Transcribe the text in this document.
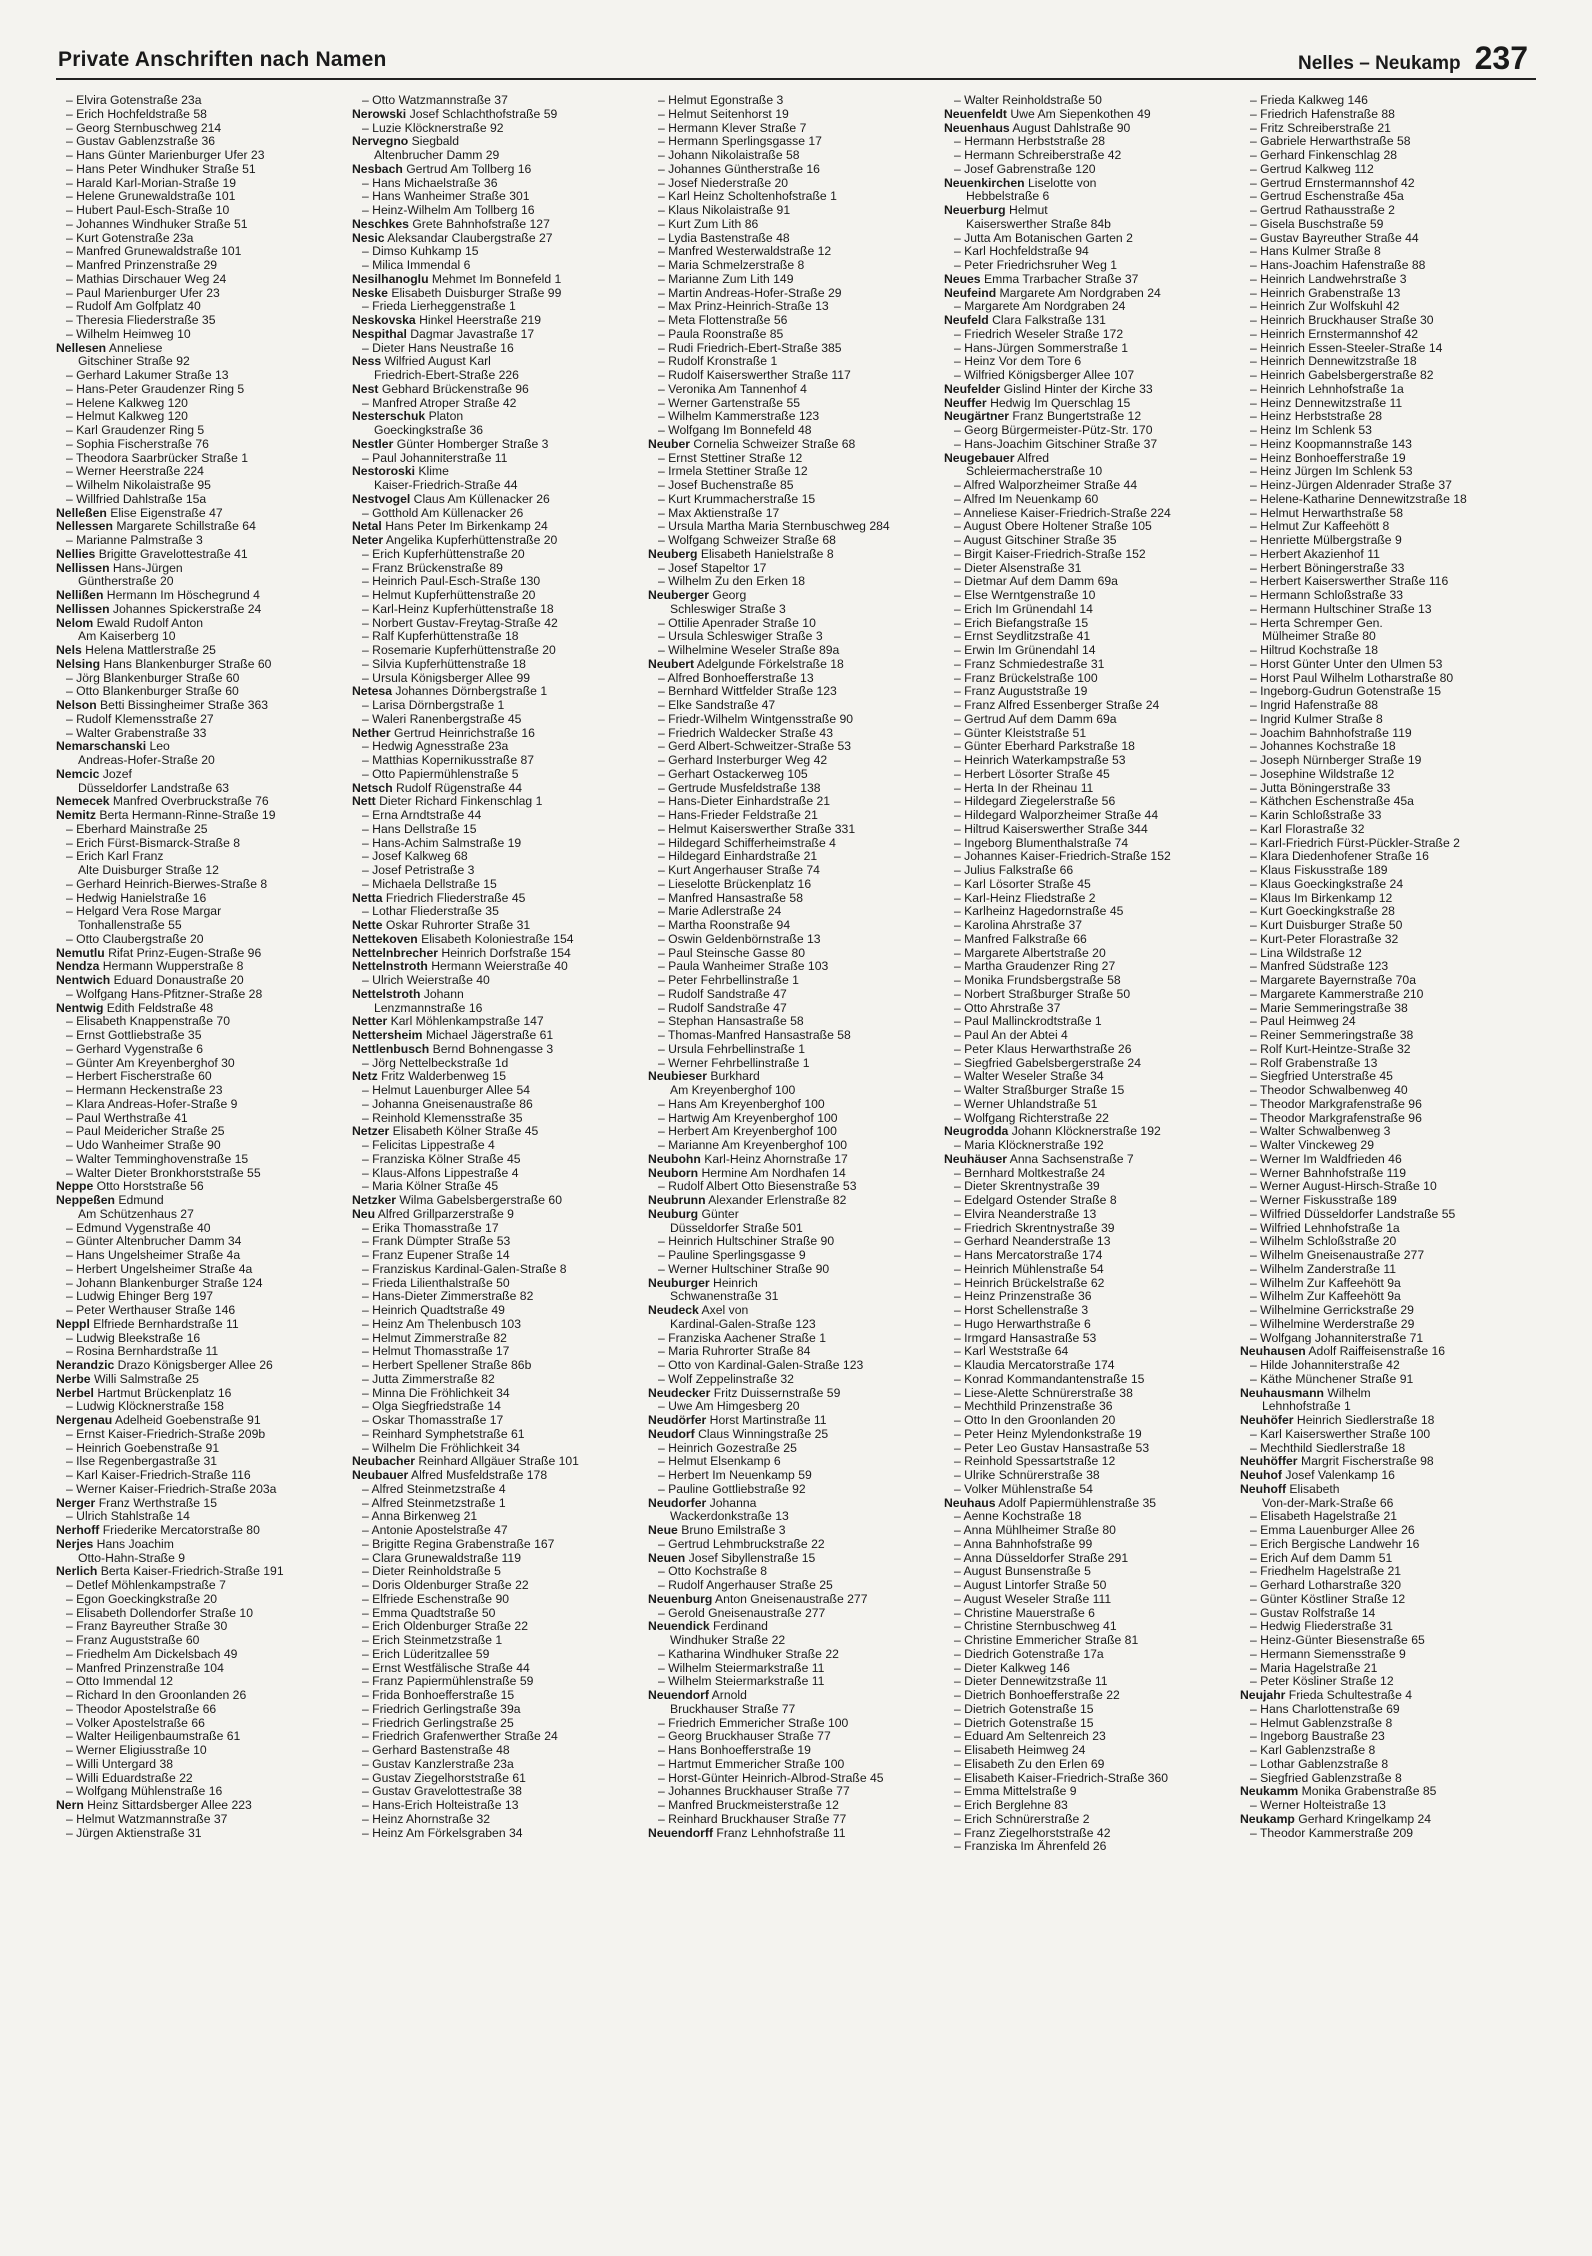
Private Anschriften nach Namen	Nelles – Neukamp 237
– Elvira Gotenstraße 23a
– Erich Hochfeldstraße 58
– Georg Sternbuschweg 214
– Gustav Gablenzstraße 36
– Hans Günter Marienburger Ufer 23
– Hans Peter Windhuker Straße 51
– Harald Karl-Morian-Straße 19
– Helene Grunewaldstraße 101
– Hubert Paul-Esch-Straße 10
– Johannes Windhuker Straße 51
– Kurt Gotenstraße 23a
– Manfred Grunewaldstraße 101
– Manfred Prinzenstraße 29
– Mathias Dirschauer Weg 24
– Paul Marienburger Ufer 23
– Rudolf Am Golfplatz 40
– Theresia Fliederstraße 35
– Wilhelm Heimweg 10
Nellesen Anneliese
Gitschiner Straße 92
– Gerhard Lakumer Straße 13
– Hans-Peter Graudenzer Ring 5
– Helene Kalkweg 120
– Helmut Kalkweg 120
– Karl Graudenzer Ring 5
– Sophia Fischerstraße 76
– Theodora Saarbrücker Straße 1
– Werner Heerstraße 224
– Wilhelm Nikolaistraße 95
– Willfried Dahlstraße 15a
Nelleßen Elise Eigenstraße 47
Nellessen Margarete Schillstraße 64
– Marianne Palmstraße 3
Nellies Brigitte Gravelottestraße 41
Nellissen Hans-Jürgen
Güntherstraße 20
Nellißen Hermann Im Höschegrund 4
Nellissen Johannes Spickerstraße 24
Nelom Ewald Rudolf Anton
Am Kaiserberg 10
Nels Helena Mattlerstraße 25
Nelsing Hans Blankenburger Straße 60
– Jörg Blankenburger Straße 60
– Otto Blankenburger Straße 60
Nelson Betti Bissingheimer Straße 363
– Rudolf Klemensstraße 27
– Walter Grabenstraße 33
Nemarschanski Leo
Andreas-Hofer-Straße 20
Nemcic Jozef
Düsseldorfer Landstraße 63
Nemecek Manfred Overbruckstraße 76
Nemitz Berta Hermann-Rinne-Straße 19
– Eberhard Mainstraße 25
– Erich Fürst-Bismarck-Straße 8
– Erich Karl Franz
Alte Duisburger Straße 12
– Gerhard Heinrich-Bierwes-Straße 8
– Hedwig Hanielstraße 16
– Helgard Vera Rose Margar
Tonhallenstraße 55
– Otto Claubergstraße 20
Nemutlu Rifat Prinz-Eugen-Straße 96
Nendza Hermann Wupperstraße 8
Nentwich Eduard Donaustraße 20
– Wolfgang Hans-Pfitzner-Straße 28
Nentwig Edith Feldstraße 48
– Elisabeth Knappenstraße 70
– Ernst Gottliebstraße 35
– Gerhard Vygenstraße 6
– Günter Am Kreyenberghof 30
– Herbert Fischerstraße 60
– Hermann Heckenstraße 23
– Klara Andreas-Hofer-Straße 9
– Paul Werthstraße 41
– Paul Meidericher Straße 25
– Udo Wanheimer Straße 90
– Walter Temminghovenstraße 15
– Walter Dieter Bronkhorststraße 55
Neppe Otto Horststraße 56
Neppeßen Edmund
Am Schützenhaus 27
– Edmund Vygenstraße 40
– Günter Altenbrucher Damm 34
– Hans Ungelsheimer Straße 4a
– Herbert Ungelsheimer Straße 4a
– Johann Blankenburger Straße 124
– Ludwig Ehinger Berg 197
– Peter Werthauser Straße 146
Neppl Elfriede Bernhardstraße 11
– Ludwig Bleekstraße 16
– Rosina Bernhardstraße 11
Nerandzic Drazo Königsberger Allee 26
Nerbe Willi Salmstraße 25
Nerbel Hartmut Brückenplatz 16
– Ludwig Klöcknerstraße 158
Nergenau Adelheid Goebenstraße 91
– Ernst Kaiser-Friedrich-Straße 209b
– Heinrich Goebenstraße 91
– Ilse Regenbergastraße 31
– Karl Kaiser-Friedrich-Straße 116
– Werner Kaiser-Friedrich-Straße 203a
Nerger Franz Werthstraße 15
– Ulrich Stahlstraße 14
Nerhoff Friederike Mercatorstraße 80
Nerjes Hans Joachim
Otto-Hahn-Straße 9
Nerlich Berta Kaiser-Friedrich-Straße 191
– Detlef Möhlenkampstraße 7
– Egon Goeckingkstraße 20
– Elisabeth Dollendorfer Straße 10
– Franz Bayreuther Straße 30
– Franz Auguststraße 60
– Friedhelm Am Dickelsbach 49
– Manfred Prinzenstraße 104
– Otto Immendal 12
– Richard In den Groonlanden 26
– Theodor Apostelstraße 66
– Volker Apostelstraße 66
– Walter Heiligenbaumstraße 61
– Werner Eligiusstraße 10
– Willi Untergard 38
– Willi Eduardstraße 22
– Wolfgang Mühlenstraße 16
Nern Heinz Sittardsberger Allee 223
– Helmut Watzmannstraße 37
– Jürgen Aktienstraße 31
– Otto Watzmannstraße 37
Nerowski Josef Schlachthofstraße 59
– Luzie Klöcknerstraße 92
Nervegno Siegbald
Altenbrucher Damm 29
Nesbach Gertrud Am Tollberg 16
– Hans Michaelstraße 36
– Hans Wanheimer Straße 301
– Heinz-Wilhelm Am Tollberg 16
Neschkes Grete Bahnhofstraße 127
Nesic Aleksandar Claubergstraße 27
– Dimso Kuhkamp 15
– Milica Immendal 6
Nesilhanoglu Mehmet Im Bonnefeld 1
Neske Elisabeth Duisburger Straße 99
– Frieda Lierheggenstraße 1
Neskovska Hinkel Heerstraße 219
Nespithal Dagmar Javastraße 17
– Dieter Hans Neustraße 16
Ness Wilfried August Karl
Friedrich-Ebert-Straße 226
Nest Gebhard Brückenstraße 96
– Manfred Atroper Straße 42
Nesterschuk Platon
Goeckingkstraße 36
Nestler Günter Homberger Straße 3
– Paul Johanniterstraße 11
Nestoroski Klime
Kaiser-Friedrich-Straße 44
Nestvogel Claus Am Küllenacker 26
– Gotthold Am Küllenacker 26
Netal Hans Peter Im Birkenkamp 24
Neter Angelika Kupferhüttenstraße 20
– Erich Kupferhüttenstraße 20
– Franz Brückenstraße 89
– Heinrich Paul-Esch-Straße 130
– Helmut Kupferhüttenstraße 20
– Karl-Heinz Kupferhüttenstraße 18
– Norbert Gustav-Freytag-Straße 42
– Ralf Kupferhüttenstraße 18
– Rosemarie Kupferhüttenstraße 20
– Silvia Kupferhüttenstraße 18
– Ursula Königsberger Allee 99
Netesa Johannes Dörnbergstraße 1
– Larisa Dörnbergstraße 1
– Waleri Ranenbergstraße 45
Nether Gertrud Heinrichstraße 16
– Hedwig Agnesstraße 23a
– Matthias Kopernikusstraße 87
– Otto Papiermühlenstraße 5
Netsch Rudolf Rügenstraße 44
Nett Dieter Richard Finkenschlag 1
– Erna Arndtstraße 44
– Hans Dellstraße 15
– Hans-Achim Salmstraße 19
– Josef Kalkweg 68
– Josef Petristraße 3
– Michaela Dellstraße 15
Netta Friedrich Fliederstraße 45
– Lothar Fliederstraße 35
Nette Oskar Ruhrorter Straße 31
Nettekoven Elisabeth Koloniestraße 154
Nettelnbrecher Heinrich Dorfstraße 154
Nettelnstroth Hermann Weierstraße 40
– Ulrich Weierstraße 40
Nettelstroth Johann
Lenzmannstraße 16
Netter Karl Möhlenkampstraße 147
Nettersheim Michael Jägerstraße 61
Nettlenbusch Bernd Bohnengasse 3
– Jörg Nettelbeckstraße 1d
Netz Fritz Walderbenweg 15
– Helmut Lauenburger Allee 54
– Johanna Gneisenaustraße 86
– Reinhold Klemensstraße 35
Netzer Elisabeth Kölner Straße 45
– Felicitas Lippestraße 4
– Franziska Kölner Straße 45
– Klaus-Alfons Lippestraße 4
– Maria Kölner Straße 45
Netzker Wilma Gabelsbergerstraße 60
Neu Alfred Grillparzerstraße 9
– Erika Thomasstraße 17
– Frank Dümpter Straße 53
– Franz Eupener Straße 14
– Franziskus Kardinal-Galen-Straße 8
– Frieda Lilienthalstraße 50
– Hans-Dieter Zimmerstraße 82
– Heinrich Quadtstraße 49
– Heinz Am Thelenbusch 103
– Helmut Zimmerstraße 82
– Helmut Thomasstraße 17
– Herbert Spellener Straße 86b
– Jutta Zimmerstraße 82
– Minna Die Fröhlichkeit 34
– Olga Siegfriedstraße 14
– Oskar Thomasstraße 17
– Reinhard Symphetstraße 61
– Wilhelm Die Fröhlichkeit 34
Neubacher Reinhard Allgäuer Straße 101
Neubauer Alfred Musfeldstraße 178
– Alfred Steinmetzstraße 4
– Alfred Steinmetzstraße 1
– Anna Birkenweg 21
– Antonie Apostelstraße 47
– Brigitte Regina Grabenstraße 167
– Clara Grunewaldstraße 119
– Dieter Reinholdstraße 5
– Doris Oldenburger Straße 22
– Elfriede Eschenstraße 90
– Emma Quadtstraße 50
– Erich Oldenburger Straße 22
– Erich Steinmetzstraße 1
– Erich Lüderitzallee 59
– Ernst Westfälische Straße 44
– Franz Papiermühlenstraße 59
– Frida Bonhoefferstraße 15
– Friedrich Gerlingstraße 39a
– Friedrich Gerlingstraße 25
– Friedrich Grafenwerther Straße 24
– Gerhard Bastenstraße 48
– Gustav Kanzlerstraße 23a
– Gustav Ziegelhorststraße 61
– Gustav Gravelottestraße 38
– Hans-Erich Holteistraße 13
– Heinz Ahornstraße 32
– Heinz Am Förkelsgraben 34
– Helmut Egonstraße 3
– Helmut Seitenhorst 19
– Hermann Klever Straße 7
– Hermann Sperlingsgasse 17
– Johann Nikolaistraße 58
– Johannes Güntherstraße 16
– Josef Niederstraße 20
– Karl Heinz Scholtenhofstraße 1
– Klaus Nikolaistraße 91
– Kurt Zum Lith 86
– Lydia Bastenstraße 48
– Manfred Westerwaldstraße 12
– Maria Schmelzerstraße 8
– Marianne Zum Lith 149
– Martin Andreas-Hofer-Straße 29
– Max Prinz-Heinrich-Straße 13
– Meta Flottenstraße 56
– Paula Roonstraße 85
– Rudi Friedrich-Ebert-Straße 385
– Rudolf Kronstraße 1
– Rudolf Kaiserswerther Straße 117
– Veronika Am Tannenhof 4
– Werner Gartenstraße 55
– Wilhelm Kammerstraße 123
– Wolfgang Im Bonnefeld 48
Neuber Cornelia Schweizer Straße 68
– Ernst Stettiner Straße 12
– Irmela Stettiner Straße 12
– Josef Buchenstraße 85
– Kurt Krummacherstraße 15
– Max Aktienstraße 17
– Ursula Martha Maria Sternbuschweg 284
– Wolfgang Schweizer Straße 68
Neuberg Elisabeth Hanielstraße 8
– Josef Stapeltor 17
– Wilhelm Zu den Erken 18
Neuberger Georg
Schleswiger Straße 3
– Ottilie Apenrader Straße 10
– Ursula Schleswiger Straße 3
– Wilhelmine Weseler Straße 89a
Neubert Adelgunde Förkelstraße 18
– Alfred Bonhoefferstraße 13
– Bernhard Wittfelder Straße 123
– Elke Sandstraße 47
– Friedr-Wilhelm Wintgensstraße 90
– Friedrich Waldecker Straße 43
– Gerd Albert-Schweitzer-Straße 53
– Gerhard Insterburger Weg 42
– Gerhart Ostackerweg 105
– Gertrude Musfeldstraße 138
– Hans-Dieter Einhardstraße 21
– Hans-Frieder Feldstraße 21
– Helmut Kaiserswerther Straße 331
– Hildegard Schifferheimstraße 4
– Hildegard Einhardstraße 21
– Kurt Angerhauser Straße 74
– Lieselotte Brückenplatz 16
– Manfred Hansastraße 58
– Marie Adlerstraße 24
– Martha Roonstraße 94
– Oswin Geldenbörnstraße 13
– Paul Steinsche Gasse 80
– Paula Wanheimer Straße 103
– Peter Fehrbellinstraße 1
– Rudolf Sandstraße 47
– Rudolf Sandstraße 47
– Stephan Hansastraße 58
– Thomas-Manfred Hansastraße 58
– Ursula Fehrbellinstraße 1
– Werner Fehrbellinstraße 1
Neubieser Burkhard
Am Kreyenberghof 100
– Hans Am Kreyenberghof 100
– Hartwig Am Kreyenberghof 100
– Herbert Am Kreyenberghof 100
– Marianne Am Kreyenberghof 100
Neubohn Karl-Heinz Ahornstraße 17
Neuborn Hermine Am Nordhafen 14
– Rudolf Albert Otto Biesenstraße 53
Neubrunn Alexander Erlenstraße 82
Neuburg Günter
Düsseldorfer Straße 501
– Heinrich Hultschiner Straße 90
– Pauline Sperlingsgasse 9
– Werner Hultschiner Straße 90
Neuburger Heinrich
Schwanenstraße 31
Neudeck Axel von
Kardinal-Galen-Straße 123
– Franziska Aachener Straße 1
– Maria Ruhrorter Straße 84
– Otto von Kardinal-Galen-Straße 123
– Wolf Zeppelinstraße 32
Neudecker Fritz Duissernstraße 59
– Uwe Am Himgesberg 20
Neudörfer Horst Martinstraße 11
Neudorf Claus Winningstraße 25
– Heinrich Gozestraße 25
– Helmut Elsenkamp 6
– Herbert Im Neuenkamp 59
– Pauline Gottliebstraße 92
Neudorfer Johanna
Wackerdonkstraße 13
Neue Bruno Emilstraße 3
– Gertrud Lehmbruckstraße 22
Neuen Josef Sibyllenstraße 15
– Otto Kochstraße 8
– Rudolf Angerhauser Straße 25
Neuenburg Anton Gneisenaustraße 277
– Gerold Gneisenaustraße 277
Neuendick Ferdinand
Windhuker Straße 22
– Katharina Windhuker Straße 22
– Wilhelm Steiermarkstraße 11
– Wilhelm Steiermarkstraße 11
Neuendorf Arnold
Bruckhauser Straße 77
– Friedrich Emmericher Straße 100
– Georg Bruckhauser Straße 77
– Hans Bonhoefferstraße 19
– Hartmut Emmericher Straße 100
– Horst-Günter Heinrich-Albrod-Straße 45
– Johannes Bruckhauser Straße 77
– Manfred Bruckmeisterstraße 12
– Reinhard Bruckhauser Straße 77
Neuendorff Franz Lehnhofstraße 11
– Walter Reinholdstraße 50
Neuenfeldt Uwe Am Siepenkothen 49
Neuenhaus August Dahlstraße 90
– Hermann Herbststraße 28
– Hermann Schreiberstraße 42
– Josef Gabrenstraße 120
Neuenkirchen Liselotte von
Hebbelstraße 6
Neuerburg Helmut
Kaiserswerther Straße 84b
– Jutta Am Botanischen Garten 2
– Karl Hochfeldstraße 94
– Peter Friedrichsruher Weg 1
Neues Emma Trarbacher Straße 37
Neufeind Margarete Am Nordgraben 24
– Margarete Am Nordgraben 24
Neufeld Clara Falkstraße 131
– Friedrich Weseler Straße 172
– Hans-Jürgen Sommerstraße 1
– Heinz Vor dem Tore 6
– Wilfried Königsberger Allee 107
Neufelder Gislind Hinter der Kirche 33
Neuffer Hedwig Im Querschlag 15
Neugärtner Franz Bungertstraße 12
– Georg Bürgermeister-Pütz-Str. 170
– Hans-Joachim Gitschiner Straße 37
Neugebauer Alfred
Schleiermacherstraße 10
– Alfred Walporzheimer Straße 44
– Alfred Im Neuenkamp 60
– Anneliese Kaiser-Friedrich-Straße 224
– August Obere Holtener Straße 105
– August Gitschiner Straße 35
– Birgit Kaiser-Friedrich-Straße 152
– Dieter Alsenstraße 31
– Dietmar Auf dem Damm 69a
– Else Werntgenstraße 10
– Erich Im Grünendahl 14
– Erich Biefangstraße 15
– Ernst Seydlitzstraße 41
– Erwin Im Grünendahl 14
– Franz Schmiedestraße 31
– Franz Brückelstraße 100
– Franz Auguststraße 19
– Franz Alfred Essenberger Straße 24
– Gertrud Auf dem Damm 69a
– Günter Kleiststraße 51
– Günter Eberhard Parkstraße 18
– Heinrich Waterkampstraße 53
– Herbert Lösorter Straße 45
– Herta In der Rheinau 11
– Hildegard Ziegelerstraße 56
– Hildegard Walporzheimer Straße 44
– Hiltrud Kaiserswerther Straße 344
– Ingeborg Blumenthalstraße 74
– Johannes Kaiser-Friedrich-Straße 152
– Julius Falkstraße 66
– Karl Lösorter Straße 45
– Karl-Heinz Fliedstraße 2
– Karlheinz Hagedornstraße 45
– Karolina Ahrstraße 37
– Manfred Falkstraße 66
– Margarete Albertstraße 20
– Martha Graudenzer Ring 27
– Monika Frundsbergstraße 58
– Norbert Straßburger Straße 50
– Otto Ahrstraße 37
– Paul Mallinckrodtstraße 1
– Paul An der Abtei 4
– Peter Klaus Herwarthstraße 26
– Siegfried Gabelsbergerstraße 24
– Walter Weseler Straße 34
– Walter Straßburger Straße 15
– Werner Uhlandstraße 51
– Wolfgang Richterstraße 22
Neugrodda Johann Klöcknerstraße 192
– Maria Klöcknerstraße 192
Neuhäuser Anna Sachsenstraße 7
– Bernhard Moltkestraße 24
– Dieter Skrentnystraße 39
– Edelgard Ostender Straße 8
– Elvira Neanderstraße 13
– Friedrich Skrentnystraße 39
– Gerhard Neanderstraße 13
– Hans Mercatorstraße 174
– Heinrich Mühlenstraße 54
– Heinrich Brückelstraße 62
– Heinz Prinzenstraße 36
– Horst Schellenstraße 3
– Hugo Herwarthstraße 6
– Irmgard Hansastraße 53
– Karl Weststraße 64
– Klaudia Mercatorstraße 174
– Konrad Kommandantenstraße 15
– Liese-Alette Schnürerstraße 38
– Mechthild Prinzenstraße 36
– Otto In den Groonlanden 20
– Peter Heinz Mylendonkstraße 19
– Peter Leo Gustav Hansastraße 53
– Reinhold Spessartstraße 12
– Ulrike Schnürerstraße 38
– Volker Mühlenstraße 54
Neuhaus Adolf Papiermühlenstraße 35
– Aenne Kochstraße 18
– Anna Mühlheimer Straße 80
– Anna Bahnhofstraße 99
– Anna Düsseldorfer Straße 291
– August Bunsenstraße 5
– August Lintorfer Straße 50
– August Weseler Straße 111
– Christine Mauerstraße 6
– Christine Sternbuschweg 41
– Christine Emmericher Straße 81
– Diedrich Gotenstraße 17a
– Dieter Kalkweg 146
– Dieter Dennewitzstraße 11
– Dietrich Bonhoefferstraße 22
– Dietrich Gotenstraße 15
– Dietrich Gotenstraße 15
– Eduard Am Seltenreich 23
– Elisabeth Heimweg 24
– Elisabeth Zu den Erlen 69
– Elisabeth Kaiser-Friedrich-Straße 360
– Emma Mittelstraße 9
– Erich Berglehne 83
– Erich Schnürerstraße 2
– Franz Ziegelhorststraße 42
– Franziska Im Ährenfeld 26
– Frieda Kalkweg 146
– Friedrich Hafenstraße 88
– Fritz Schreiberstraße 21
– Gabriele Herwarthstraße 58
– Gerhard Finkenschlag 28
– Gertrud Kalkweg 112
– Gertrud Ernstermannshof 42
– Gertrud Eschenstraße 45a
– Gertrud Rathausstraße 2
– Gisela Buschstraße 59
– Gustav Bayreuther Straße 44
– Hans Kulmer Straße 8
– Hans-Joachim Hafenstraße 88
– Heinrich Landwehrstraße 3
– Heinrich Grabenstraße 13
– Heinrich Zur Wolfskuhl 42
– Heinrich Bruckhauser Straße 30
– Heinrich Ernstermannshof 42
– Heinrich Essen-Steeler-Straße 14
– Heinrich Dennewitzstraße 18
– Heinrich Gabelsbergerstraße 82
– Heinrich Lehnhofstraße 1a
– Heinz Dennewitzstraße 11
– Heinz Herbststraße 28
– Heinz Im Schlenk 53
– Heinz Koopmannstraße 143
– Heinz Bonhoefferstraße 19
– Heinz Jürgen Im Schlenk 53
– Heinz-Jürgen Aldenrader Straße 37
– Helene-Katharine Dennewitzstraße 18
– Helmut Herwarthstraße 58
– Helmut Zur Kaffeehött 8
– Henriette Mülbergstraße 9
– Herbert Akazienhof 11
– Herbert Böningerstraße 33
– Herbert Kaiserswerther Straße 116
– Hermann Schloßstraße 33
– Hermann Hultschiner Straße 13
– Herta Schremper Gen.
Mülheimer Straße 80
– Hiltrud Kochstraße 18
– Horst Günter Unter den Ulmen 53
– Horst Paul Wilhelm Lotharstraße 80
– Ingeborg-Gudrun Gotenstraße 15
– Ingrid Hafenstraße 88
– Ingrid Kulmer Straße 8
– Joachim Bahnhofstraße 119
– Johannes Kochstraße 18
– Joseph Nürnberger Straße 19
– Josephine Wildstraße 12
– Jutta Böningerstraße 33
– Käthchen Eschenstraße 45a
– Karin Schloßstraße 33
– Karl Florastraße 32
– Karl-Friedrich Fürst-Pückler-Straße 2
– Klara Diedenhofener Straße 16
– Klaus Fiskusstraße 189
– Klaus Goeckingkstraße 24
– Klaus Im Birkenkamp 12
– Kurt Goeckingkstraße 28
– Kurt Duisburger Straße 50
– Kurt-Peter Florastraße 32
– Lina Wildstraße 12
– Manfred Südstraße 123
– Margarete Bayernstraße 70a
– Margarete Kammerstraße 210
– Marie Semmeringstraße 38
– Paul Heimweg 24
– Reiner Semmeringstraße 38
– Rolf Kurt-Heintze-Straße 32
– Rolf Grabenstraße 13
– Siegfried Unterstraße 45
– Theodor Schwalbenweg 40
– Theodor Markgrafenstraße 96
– Theodor Markgrafenstraße 96
– Walter Schwalbenweg 3
– Walter Vinckeweg 29
– Werner Im Waldfrieden 46
– Werner Bahnhofstraße 119
– Werner August-Hirsch-Straße 10
– Werner Fiskusstraße 189
– Wilfried Düsseldorfer Landstraße 55
– Wilfried Lehnhofstraße 1a
– Wilhelm Schloßstraße 20
– Wilhelm Gneisenaustraße 277
– Wilhelm Zanderstraße 11
– Wilhelm Zur Kaffeehött 9a
– Wilhelm Zur Kaffeehött 9a
– Wilhelmine Gerrickstraße 29
– Wilhelmine Werderstraße 29
– Wolfgang Johanniterstraße 71
Neuhausen Adolf Raiffeisenstraße 16
– Hilde Johanniterstraße 42
– Käthe Münchener Straße 91
Neuhausmann Wilhelm
Lehnhofstraße 1
Neuhöfer Heinrich Siedlerstraße 18
– Karl Kaiserswerther Straße 100
– Mechthild Siedlerstraße 18
Neuhöffer Margrit Fischerstraße 98
Neuhof Josef Valenkamp 16
Neuhoff Elisabeth
Von-der-Mark-Straße 66
– Elisabeth Hagelstraße 21
– Emma Lauenburger Allee 26
– Erich Bergische Landwehr 16
– Erich Auf dem Damm 51
– Friedhelm Hagelstraße 21
– Gerhard Lotharstraße 320
– Günter Köstliner Straße 12
– Gustav Rolfstraße 14
– Hedwig Fliederstraße 31
– Heinz-Günter Biesenstraße 65
– Hermann Siemensstraße 9
– Maria Hagelstraße 21
– Peter Kösliner Straße 12
Neujahr Frieda Schultestraße 4
– Hans Charlottenstraße 69
– Helmut Gablenzstraße 8
– Ingeborg Baustraße 23
– Karl Gablenzstraße 8
– Lothar Gablenzstraße 8
– Siegfried Gablenzstraße 8
Neukamm Monika Grabenstraße 85
– Werner Holteistraße 13
Neukamp Gerhard Kringelkamp 24
– Theodor Kammerstraße 209
